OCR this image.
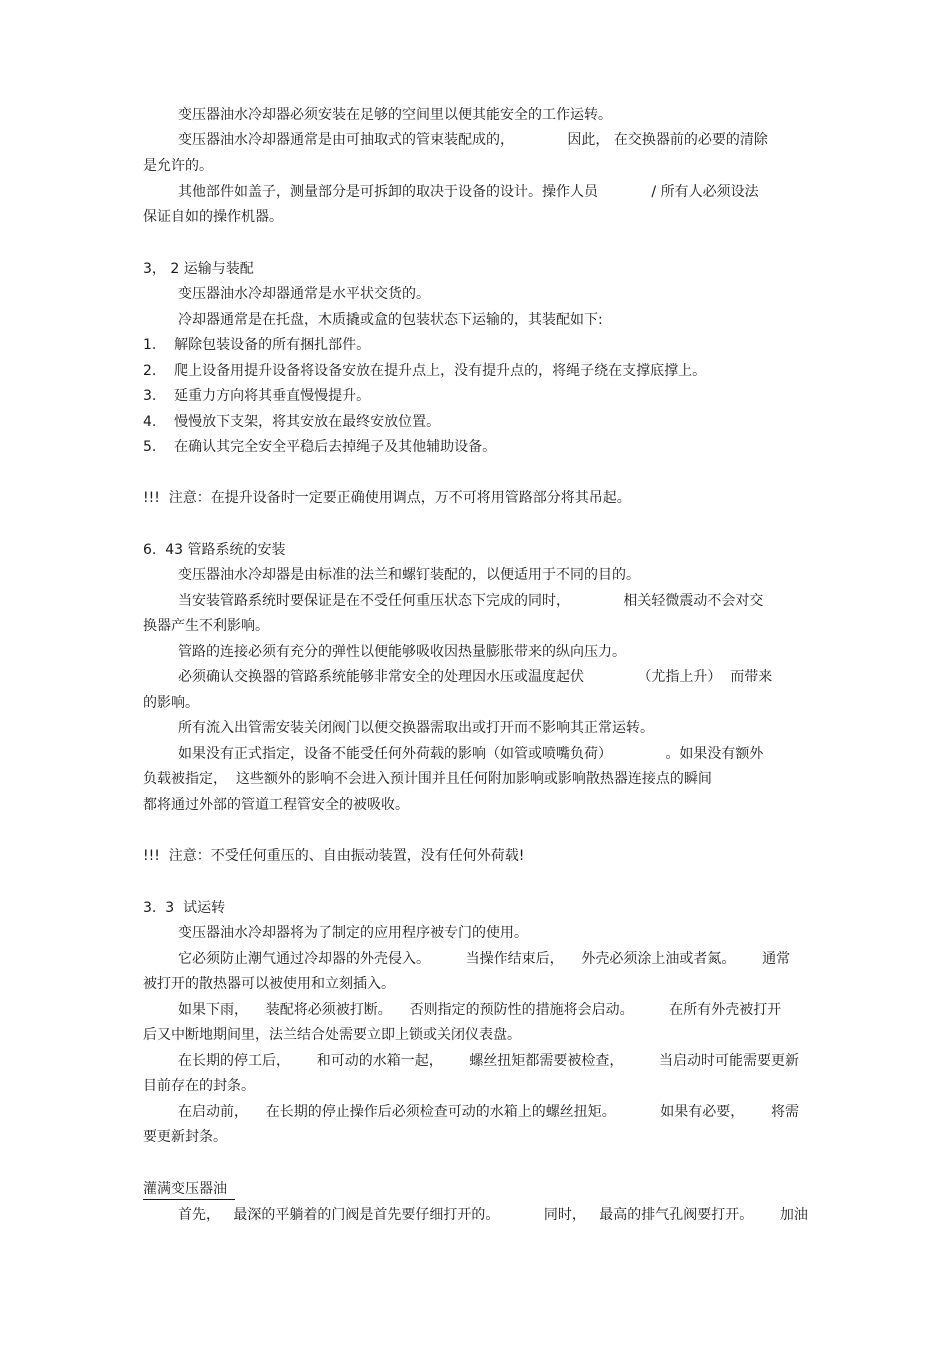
变压器油水冷却器必须安装在足够的空间里以便其能安全的工作运转。
变压器油水冷却器通常是由可抽取式的管束装配成的，            因此， 在交换器前的必要的清除
是允许的。
其他部件如盖子，测量部分是可拆卸的取决于设备的设计。操作人员            / 所有人必须设法
保证自如的操作机器。
3， 2 运输与装配
变压器油水冷却器通常是水平状交货的。
冷却器通常是在托盘，木质撬或盒的包装状态下运输的，其装配如下:
1.    解除包装设备的所有捆扎部件。
2.    爬上设备用提升设备将设备安放在提升点上，没有提升点的，将绳子绕在支撑底撑上。
3.    延重力方向将其垂直慢慢提升。
4.    慢慢放下支架，将其安放在最终安放位置。
5.    在确认其完全安全平稳后去掉绳子及其他辅助设备。
!!!  注意：在提升设备时一定要正确使用调点，万不可将用管路部分将其吊起。
6.  43 管路系统的安装
变压器油水冷却器是由标准的法兰和螺钉装配的，以便适用于不同的目的。
当安装管路系统时要保证是在不受任何重压状态下完成的同时，            相关轻微震动不会对交
换器产生不利影响。
管路的连接必须有充分的弹性以便能够吸收因热量膨胀带来的纵向压力。
必须确认交换器的管路系统能够非常安全的处理因水压或温度起伏            （尤指上升）  而带来
的影响。
所有流入出管需安装关闭阀门以便交换器需取出或打开而不影响其正常运转。
如果没有正式指定，设备不能受任何外荷载的影响（如管或喷嘴负荷）            。如果没有额外
负载被指定，  这些额外的影响不会进入预计围并且任何附加影响或影响散热器连接点的瞬间
都将通过外部的管道工程管安全的被吸收。
!!!  注意：不受任何重压的、自由振动装置，没有任何外荷载!
3.  3  试运转
变压器油水冷却器将为了制定的应用程序被专门的使用。
它必须防止潮气通过冷却器的外壳侵入。        当操作结束后，    外壳必须涂上油或者氮。      通常
被打开的散热器可以被使用和立刻插入。
如果下雨，    装配将必须被打断。    否则指定的预防性的措施将会启动。        在所有外壳被打开
后又中断地期间里，法兰结合处需要立即上锁或关闭仪表盘。
在长期的停工后，      和可动的水箱一起，      螺丝扭矩都需要被检查，        当启动时可能需要更新
目前存在的封条。
在启动前，    在长期的停止操作后必须检查可动的水箱上的螺丝扭矩。          如果有必要，      将需
要更新封条。
灌满变压器油
首先，   最深的平躺着的门阀是首先要仔细打开的。          同时，   最高的排气孔阀要打开。      加油
